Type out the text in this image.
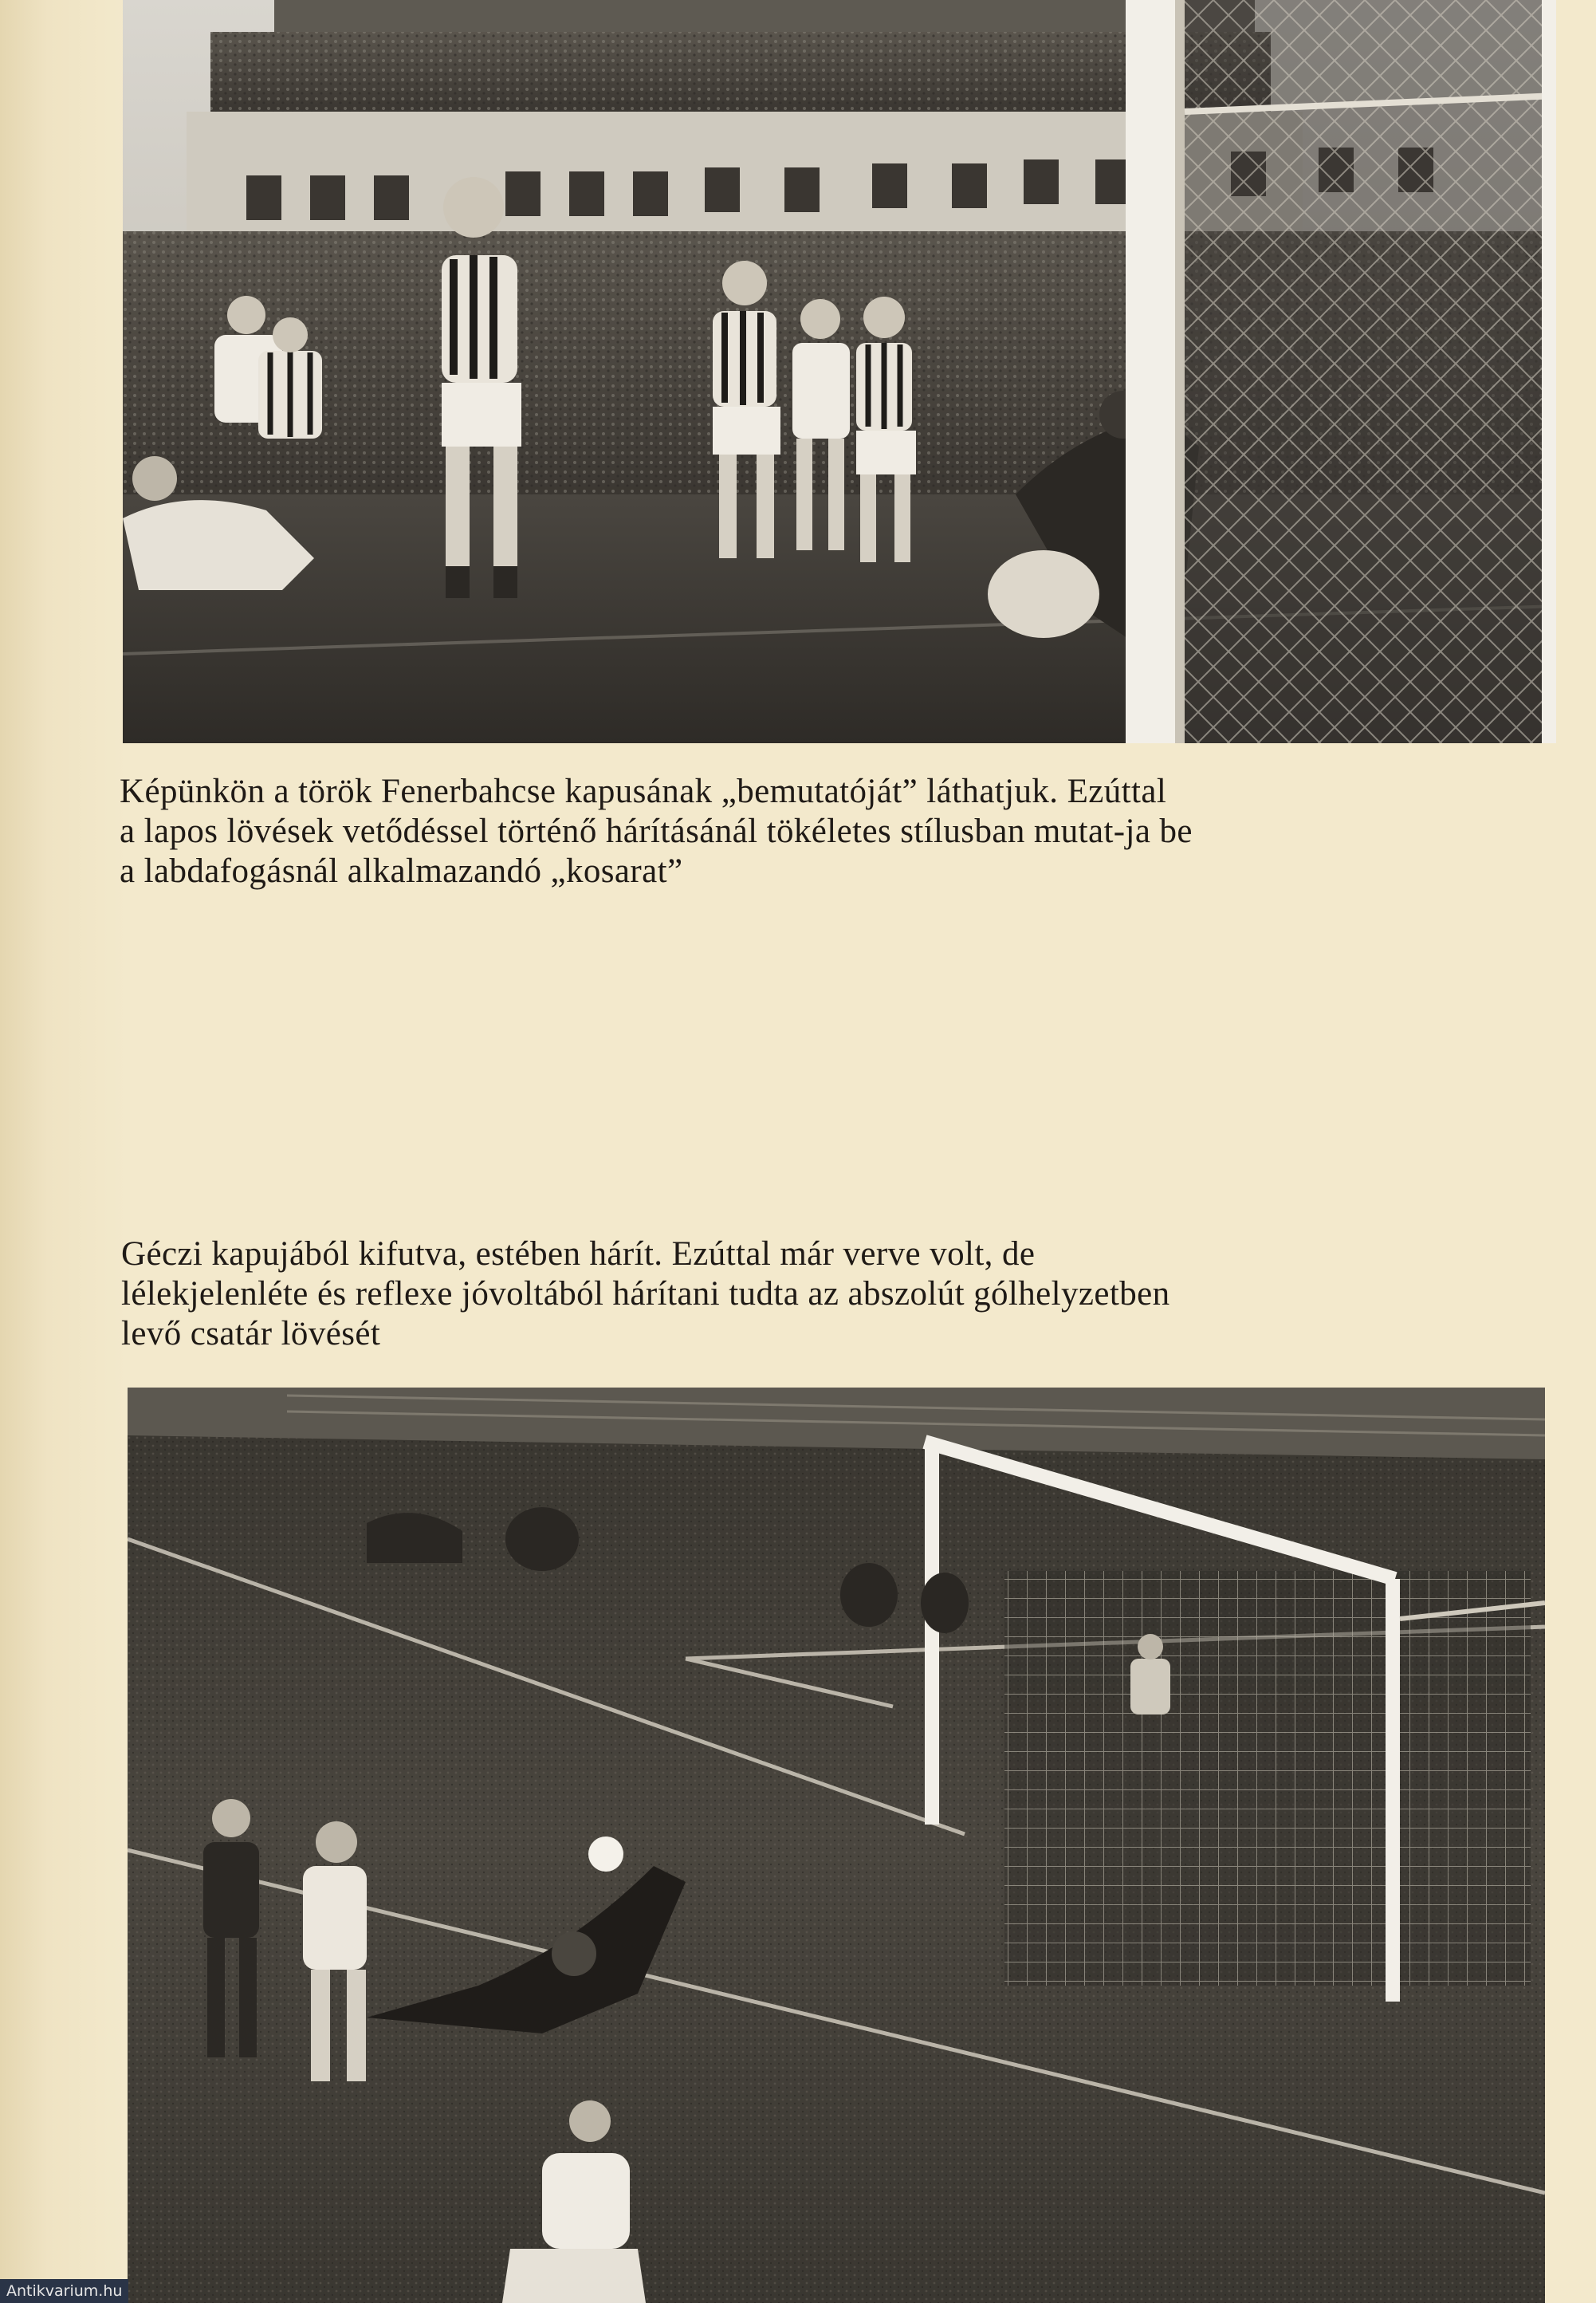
Képünkön a török Fenerbahcse kapusának „bemutatóját” láthatjuk. Ezúttal
a lapos lövések vetődéssel történő hárításánál tökéletes stílusban mutat-ja be
a labdafogásnál alkalmazandó „kosarat”

Géczi kapujából kifutva, estében hárít. Ezúttal már verve volt, de
lélekjelenléte és reflexe jóvoltából hárítani tudta az abszolút gólhelyzetben
levő csatár lövését

Antikvarium.hu
